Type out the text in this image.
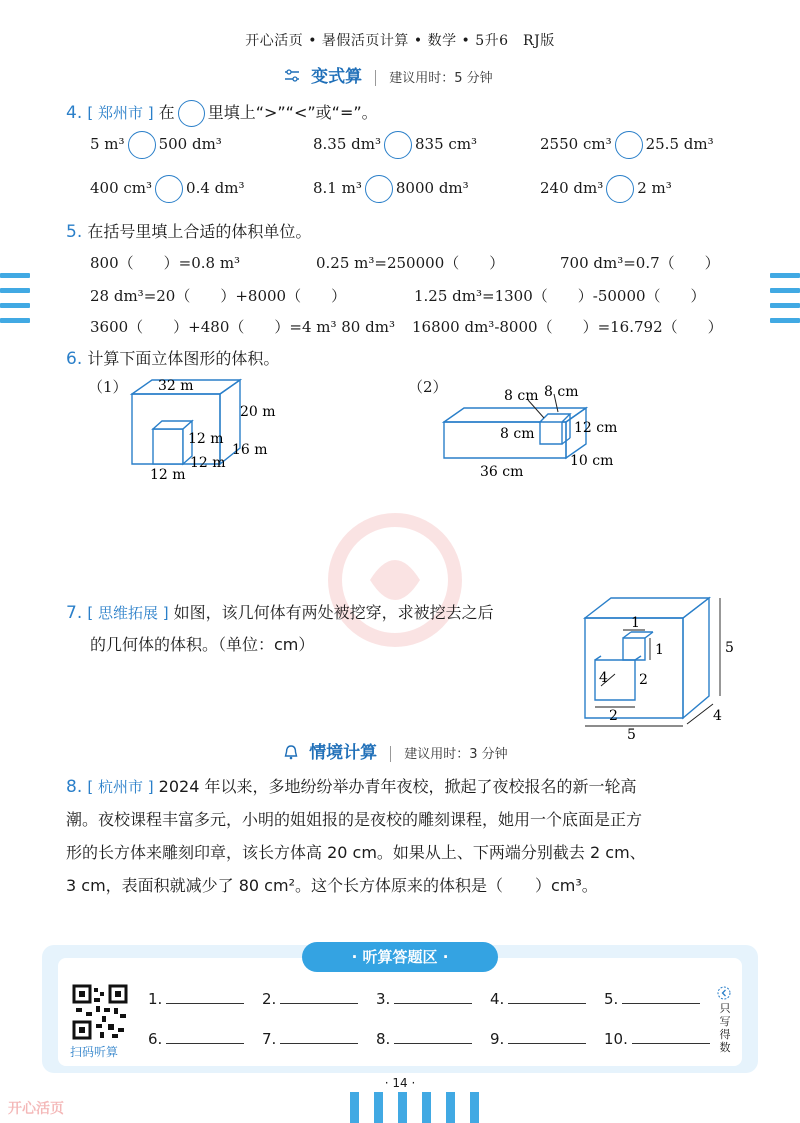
开心活页 • 暑假活页计算 • 数学 • 5升6　RJ版
变式算 建议用时：5 分钟
4. [ 郑州市 ] 在 里填上“>”“<”或“=”。
5 m³ 500 dm³	8.35 dm³ 835 cm³	2550 cm³ 25.5 dm³
400 cm³ 0.4 dm³	8.1 m³ 8000 dm³	240 dm³ 2 m³
5. 在括号里填上合适的体积单位。
800（　　）=0.8 m³	0.25 m³=250000（　　）	700 dm³=0.7（　　）
28 dm³=20（　　）+8000（　　）	1.25 dm³=1300（　　）-50000（　　）
3600（　　）+480（　　）=4 m³ 80 dm³ 16800 dm³-8000（　　）=16.792（　　）
6. 计算下面立体图形的体积。
（1） 32 m
20 m
16 m
12 m
12 m
12 m
（2）	8 cm 8 cm
8 cm	12 cm
10 cm
36 cm
7. [ 思维拓展 ] 如图，该几何体有两处被挖穿，求被挖去之后
的几何体的体积。（单位：cm）
1
1
2
4
2
5
5
4
情境计算 建议用时：3 分钟
8. [ 杭州市 ] 2024 年以来，多地纷纷举办青年夜校，掀起了夜校报名的新一轮高
潮。夜校课程丰富多元，小明的姐姐报的是夜校的雕刻课程，她用一个底面是正方
形的长方体来雕刻印章，该长方体高 20 cm。如果从上、下两端分别截去 2 cm、
3 cm，表面积就减少了 80 cm²。这个长方体原来的体积是（　　）cm³。
· 听算答题区 ·
扫码听算
1.	2.	3.	4.	5.
6.	7.	8.	9.	10.
只写得数
· 14 ·
开心活页
